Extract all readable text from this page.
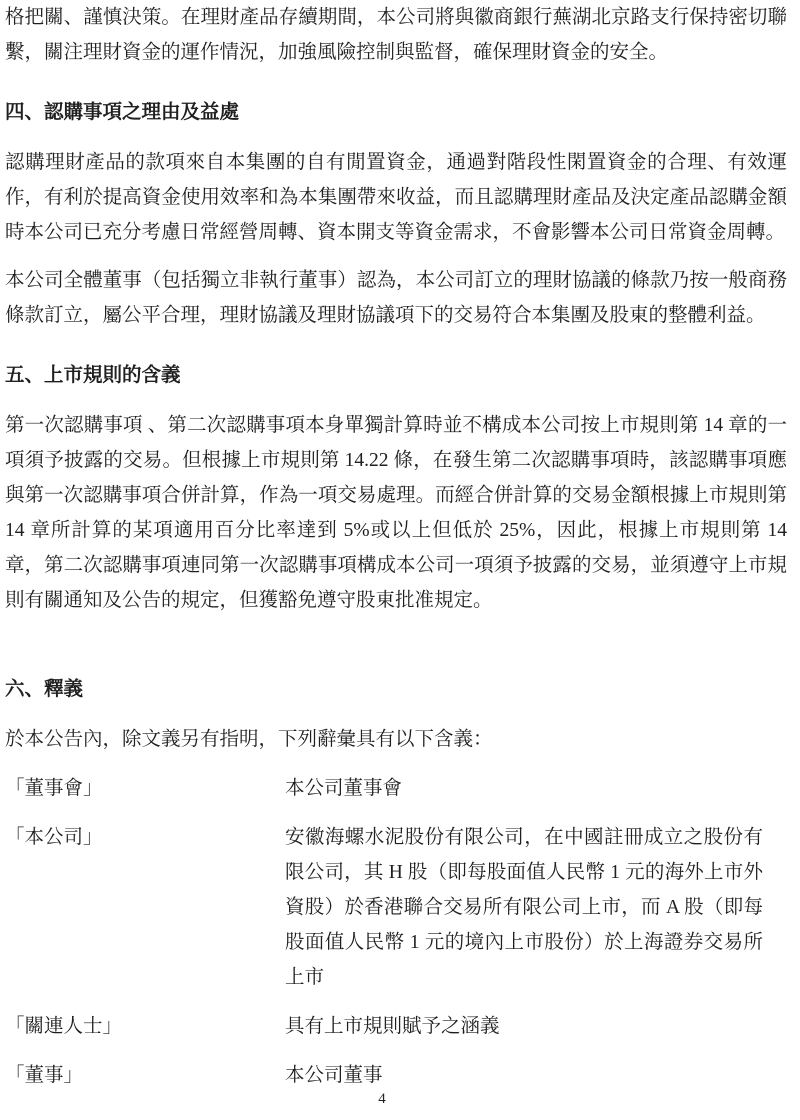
格把關、謹慎決策。在理財產品存續期間，本公司將與徽商銀行蕪湖北京路支行保持密切聯繫，關注理財資金的運作情況，加強風險控制與監督，確保理財資金的安全。

四、認購事項之理由及益處

認購理財產品的款項來自本集團的自有閒置資金，通過對階段性閑置資金的合理、有效運作，有利於提高資金使用效率和為本集團帶來收益，而且認購理財產品及決定產品認購金額時本公司已充分考慮日常經營周轉、資本開支等資金需求，不會影響本公司日常資金周轉。

本公司全體董事（包括獨立非執行董事）認為，本公司訂立的理財協議的條款乃按一般商務條款訂立，屬公平合理，理財協議及理財協議項下的交易符合本集團及股東的整體利益。

五、上市規則的含義

第一次認購事項 、第二次認購事項本身單獨計算時並不構成本公司按上市規則第 14 章的一項須予披露的交易。但根據上市規則第 14.22 條，在發生第二次認購事項時，該認購事項應與第一次認購事項合併計算，作為一項交易處理。而經合併計算的交易金額根據上市規則第 14 章所計算的某項適用百分比率達到 5%或以上但低於 25%，因此，根據上市規則第 14 章，第二次認購事項連同第一次認購事項構成本公司一項須予披露的交易，並須遵守上市規則有關通知及公告的規定，但獲豁免遵守股東批准規定。

六、釋義

於本公告內，除文義另有指明，下列辭彙具有以下含義：

「董事會」	本公司董事會
「本公司」	安徽海螺水泥股份有限公司，在中國註冊成立之股份有限公司，其 H 股（即每股面值人民幣 1 元的海外上市外資股）於香港聯合交易所有限公司上市，而 A 股（即每股面值人民幣 1 元的境內上市股份）於上海證券交易所上市
「關連人士」	具有上市規則賦予之涵義
「董事」	本公司董事
4
